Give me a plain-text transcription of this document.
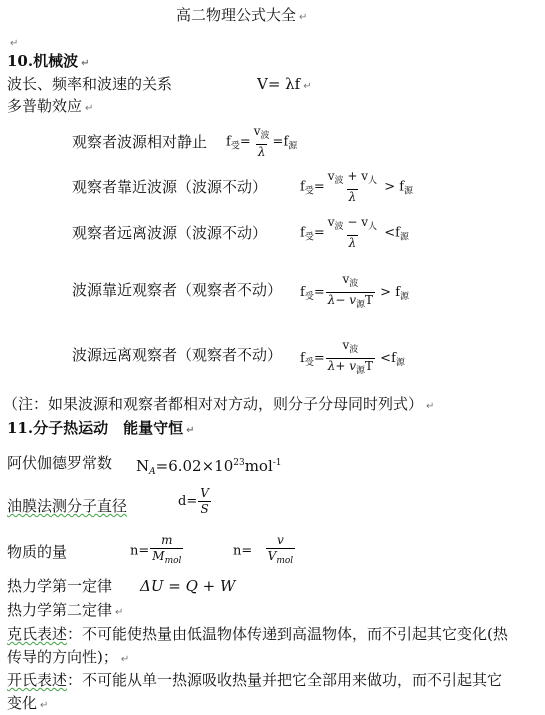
高二物理公式大全 ↵
↵
10.机械波 ↵
波长、频率和波速的关系	V= λf ↵
多普勒效应 ↵
观察者波源相对静止 $f_受= \frac{v_波}{\lambda} =f_源$
观察者靠近波源（波源不动）	$f_受= \frac{v_波 + v_人}{\lambda} > f_源$
观察者远离波源（波源不动）	$f_受= \frac{v_波 - v_人}{\lambda} <f_源$
波源靠近观察者（观察者不动） $f_受= \frac{v_波}{\lambda- v_源T} > f_源$
波源远离观察者（观察者不动） $f_受= \frac{v_波}{\lambda+ v_源T} <f_源$
（注：如果波源和观察者都相对对方动，则分子分母同时列式） ↵
11.分子热运动　能量守恒 ↵
阿伏伽德罗常数 $N_A=6.02\times 10^{23}mol^{-1}$
油膜法测分子直径	$d= \frac{V}{S}$
物质的量	$n= \frac{m}{M_{mol}}$	$n= \frac{v}{V_{mol}}$
热力学第一定律 ΔU = Q + W
热力学第二定律 ↵
克氏表述：不可能使热量由低温物体传递到高温物体，而不引起其它变化(热
传导的方向性)； ↵
开氏表述：不可能从单一热源吸收热量并把它全部用来做功，而不引起其它
变化 ↵
